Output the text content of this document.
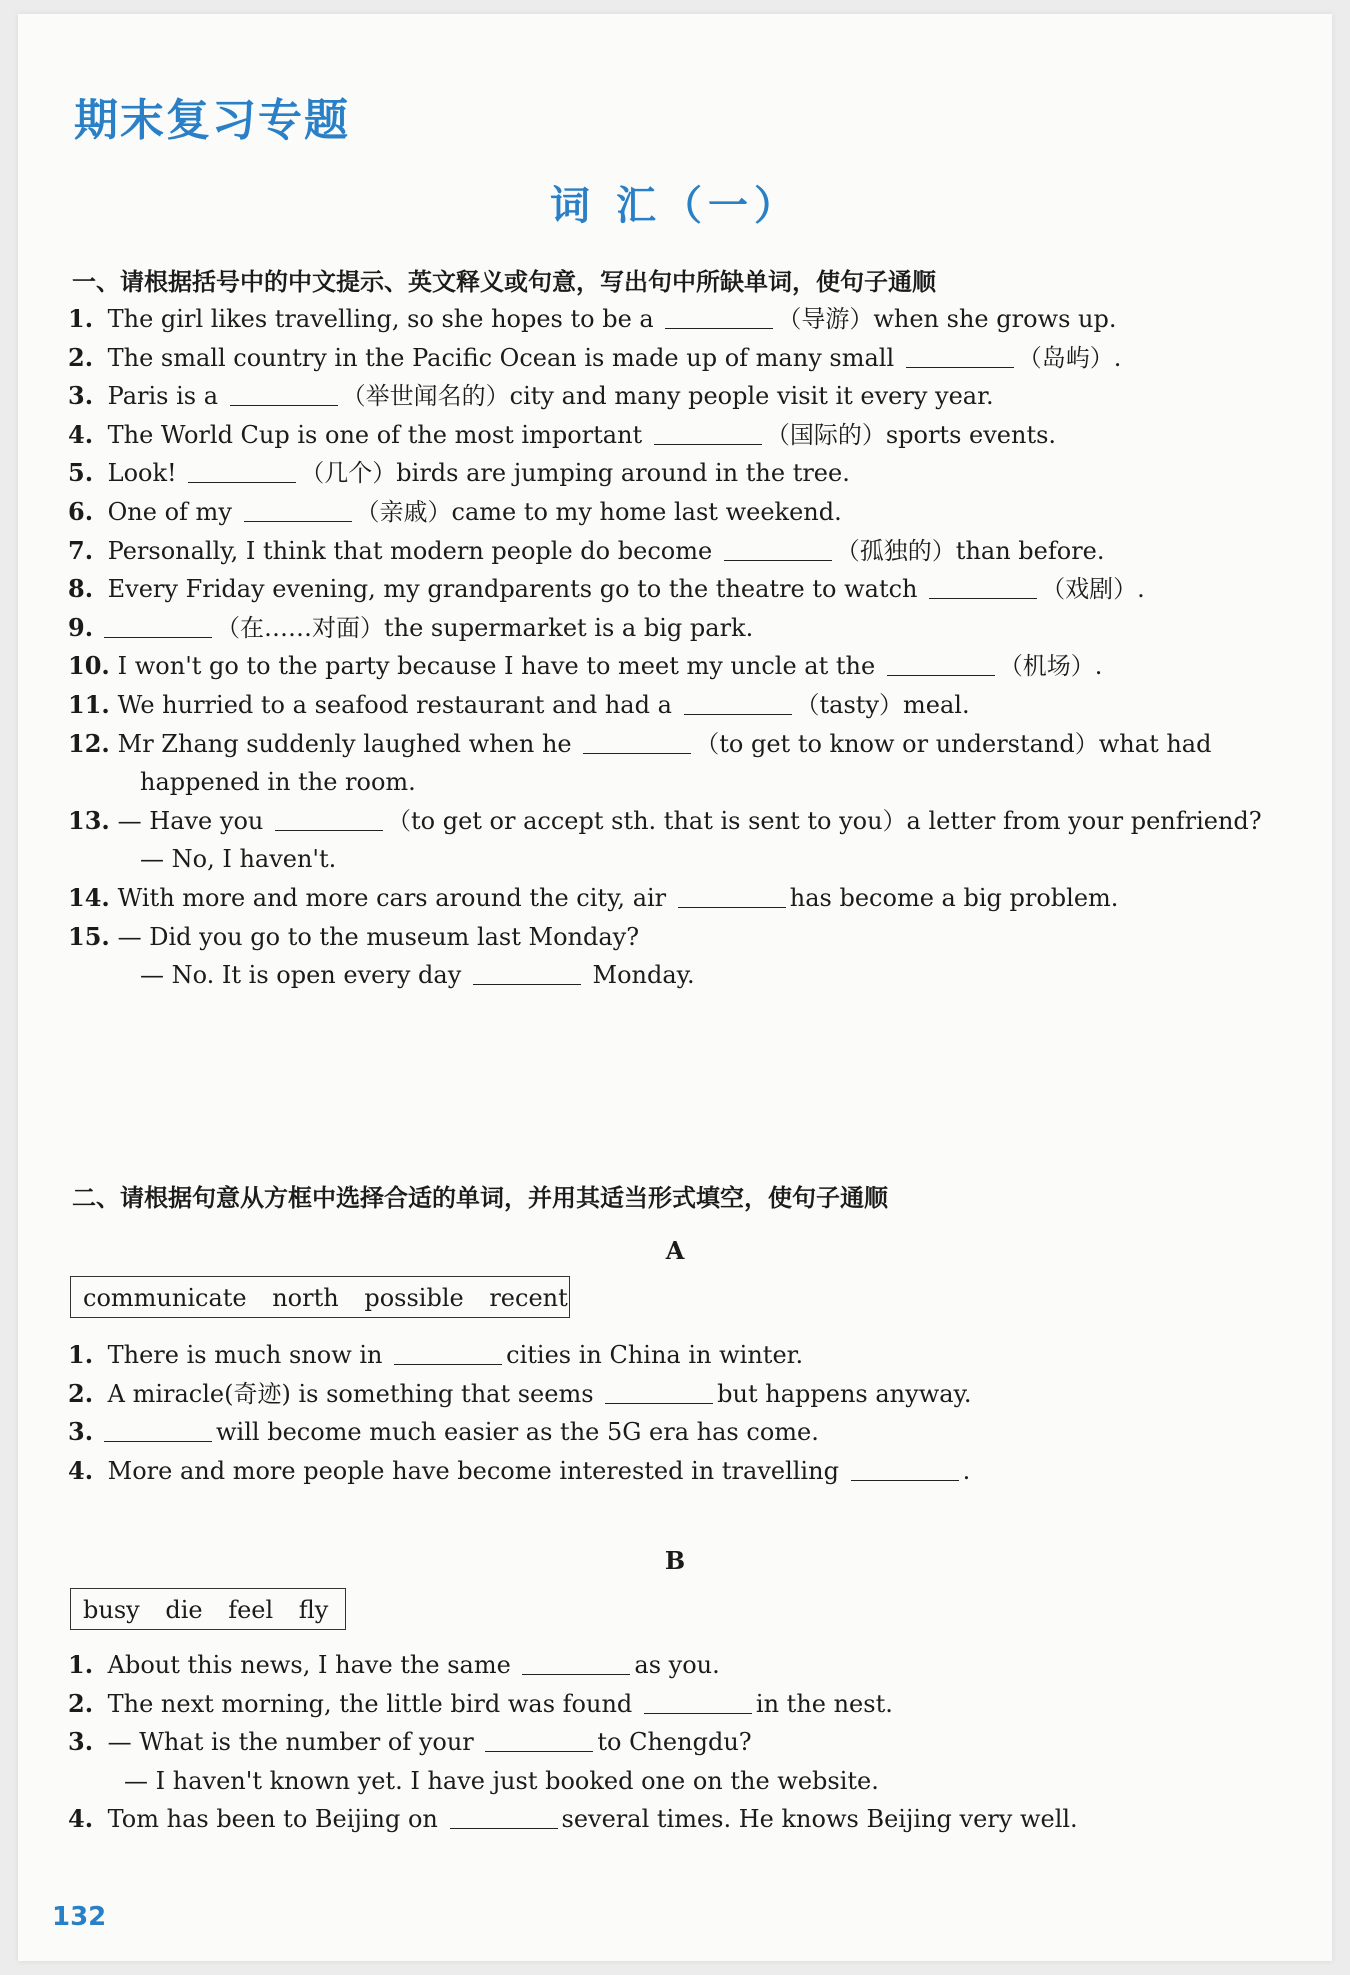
期末复习专题
词 汇（一）
一、请根据括号中的中文提示、英文释义或句意，写出句中所缺单词，使句子通顺
1. The girl likes travelling, so she hopes to be a	（导游）when she grows up.
2. The small country in the Pacific Ocean is made up of many small	（岛屿）.
3. Paris is a	（举世闻名的）city and many people visit it every year.
4. The World Cup is one of the most important	（国际的）sports events.
5. Look!	（几个）birds are jumping around in the tree.
6. One of my	（亲戚）came to my home last weekend.
7. Personally, I think that modern people do become	（孤独的）than before.
8. Every Friday evening, my grandparents go to the theatre to watch	（戏剧）.
9.	（在……对面）the supermarket is a big park.
10. I won't go to the party because I have to meet my uncle at the	（机场）.
11. We hurried to a seafood restaurant and had a	（tasty）meal.
12. Mr Zhang suddenly laughed when he	（to get to know or understand）what had
happened in the room.
13. — Have you	（to get or accept sth. that is sent to you）a letter from your penfriend?
— No, I haven't.
14. With more and more cars around the city, air	has become a big problem.
15. — Did you go to the museum last Monday?
— No. It is open every day	Monday.
二、请根据句意从方框中选择合适的单词，并用其适当形式填空，使句子通顺
A
communicate north possible recent
1. There is much snow in	cities in China in winter.
2. A miracle(奇迹) is something that seems	but happens anyway.
3.	will become much easier as the 5G era has come.
4. More and more people have become interested in travelling	.
B
busy die feel fly
1. About this news, I have the same	as you.
2. The next morning, the little bird was found	in the nest.
3. — What is the number of your	to Chengdu?
— I haven't known yet. I have just booked one on the website.
4. Tom has been to Beijing on	several times. He knows Beijing very well.
132
